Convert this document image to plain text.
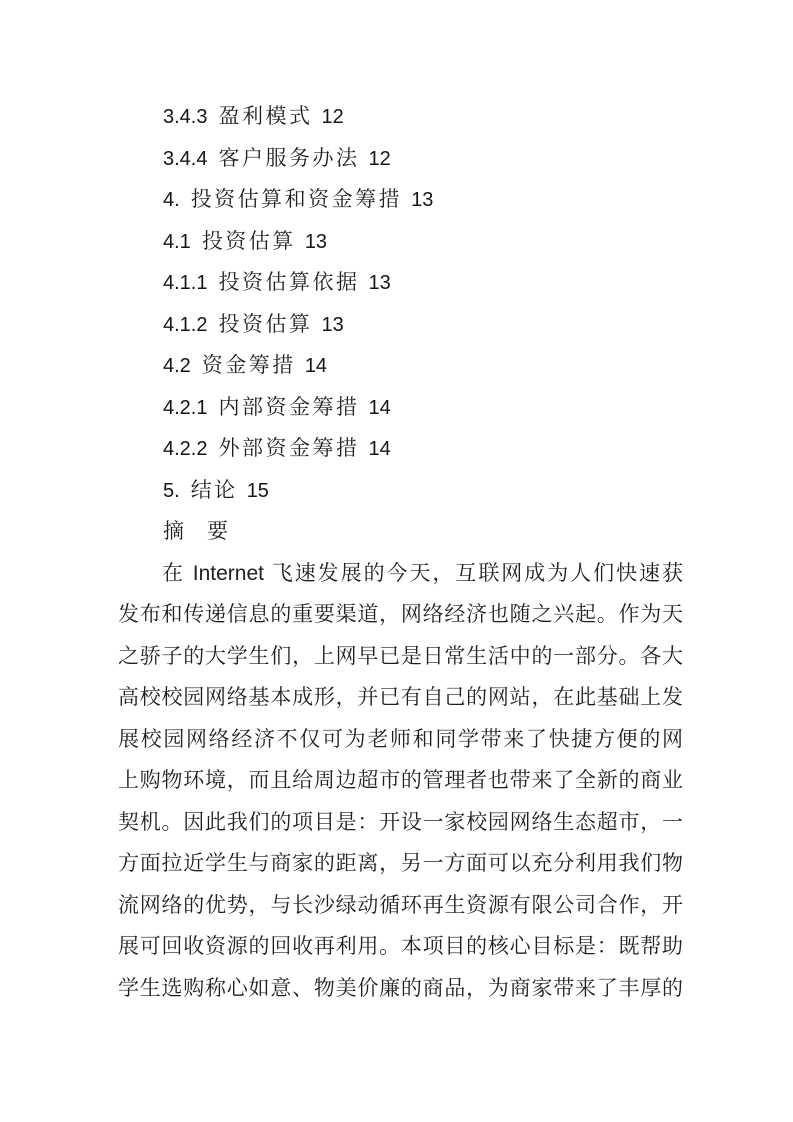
3.4.3 盈利模式 12
3.4.4 客户服务办法 12
4. 投资估算和资金筹措 13
4.1 投资估算 13
4.1.1 投资估算依据 13
4.1.2 投资估算 13
4.2 资金筹措 14
4.2.1 内部资金筹措 14
4.2.2 外部资金筹措 14
5. 结论 15
摘　要
在 Internet 飞速发展的今天，互联网成为人们快速获
发布和传递信息的重要渠道，网络经济也随之兴起。作为天
之骄子的大学生们，上网早已是日常生活中的一部分。各大
高校校园网络基本成形，并已有自己的网站，在此基础上发
展校园网络经济不仅可为老师和同学带来了快捷方便的网
上购物环境，而且给周边超市的管理者也带来了全新的商业
契机。因此我们的项目是：开设一家校园网络生态超市，一
方面拉近学生与商家的距离，另一方面可以充分利用我们物
流网络的优势，与长沙绿动循环再生资源有限公司合作，开
展可回收资源的回收再利用。本项目的核心目标是：既帮助
学生选购称心如意、物美价廉的商品，为商家带来了丰厚的
